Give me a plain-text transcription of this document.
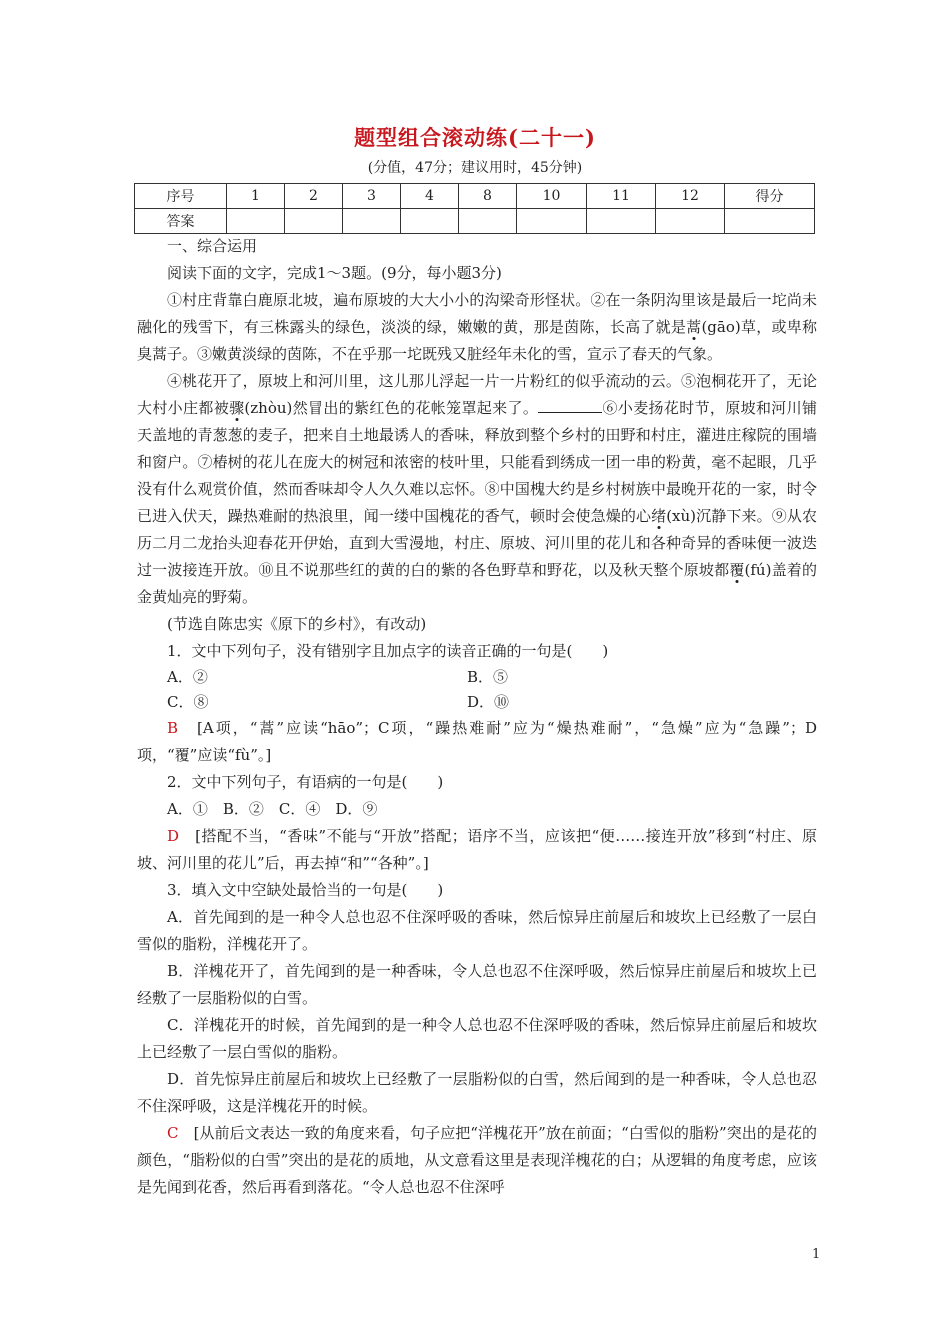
题型组合滚动练(二十一)
(分值，47分；建议用时，45分钟)
序号	1	2	3	4	8	10	11	12	得分
答案									

一、综合运用

阅读下面的文字，完成1～3题。(9分，每小题3分)

①村庄背靠白鹿原北坡，遍布原坡的大大小小的沟梁奇形怪状。②在一条阴沟里该是最后一坨尚未融化的残雪下，有三株露头的绿色，淡淡的绿，嫩嫩的黄，那是茵陈，长高了就是蒿(gāo)草，或卑称臭蒿子。③嫩黄淡绿的茵陈，不在乎那一坨既残又脏经年未化的雪，宣示了春天的气象。

④桃花开了，原坡上和河川里，这儿那儿浮起一片一片粉红的似乎流动的云。⑤泡桐花开了，无论大村小庄都被骤(zhòu)然冒出的紫红色的花帐笼罩起来了。	⑥小麦扬花时节，原坡和河川铺天盖地的青葱葱的麦子，把来自土地最诱人的香味，释放到整个乡村的田野和村庄，灌进庄稼院的围墙和窗户。⑦椿树的花儿在庞大的树冠和浓密的枝叶里，只能看到绣成一团一串的粉黄，毫不起眼，几乎没有什么观赏价值，然而香味却令人久久难以忘怀。⑧中国槐大约是乡村树族中最晚开花的一家，时令已进入伏天，躁热难耐的热浪里，闻一缕中国槐花的香气，顿时会使急燥的心绪(xù)沉静下来。⑨从农历二月二龙抬头迎春花开伊始，直到大雪漫地，村庄、原坡、河川里的花儿和各种奇异的香味便一波迭过一波接连开放。⑩且不说那些红的黄的白的紫的各色野草和野花，以及秋天整个原坡都覆(fú)盖着的金黄灿亮的野菊。

(节选自陈忠实《原下的乡村》，有改动)

1．文中下列句子，没有错别字且加点字的读音正确的一句是(　　)

A．②	B．⑤
C．⑧	D．⑩

B　 [A项，“蒿”应读“hāo”；C项，“躁热难耐”应为“燥热难耐”，“急燥”应为“急躁”；D项，“覆”应读“fù”。]

2．文中下列句子，有语病的一句是(　　)

A．①　B．②　C．④　D．⑨

D　 [搭配不当，“香味”不能与“开放”搭配；语序不当，应该把“便……接连开放”移到“村庄、原坡、河川里的花儿”后，再去掉“和”“各种”。]

3．填入文中空缺处最恰当的一句是(　　)

A．首先闻到的是一种令人总也忍不住深呼吸的香味，然后惊异庄前屋后和坡坎上已经敷了一层白雪似的脂粉，洋槐花开了。

B．洋槐花开了，首先闻到的是一种香味，令人总也忍不住深呼吸，然后惊异庄前屋后和坡坎上已经敷了一层脂粉似的白雪。

C．洋槐花开的时候，首先闻到的是一种令人总也忍不住深呼吸的香味，然后惊异庄前屋后和坡坎上已经敷了一层白雪似的脂粉。

D．首先惊异庄前屋后和坡坎上已经敷了一层脂粉似的白雪，然后闻到的是一种香味，令人总也忍不住深呼吸，这是洋槐花开的时候。

C　 [从前后文表达一致的角度来看，句子应把“洋槐花开”放在前面；“白雪似的脂粉”突出的是花的颜色，“脂粉似的白雪”突出的是花的质地，从文意看这里是表现洋槐花的白；从逻辑的角度考虑，应该是先闻到花香，然后再看到落花。“令人总也忍不住深呼

1
